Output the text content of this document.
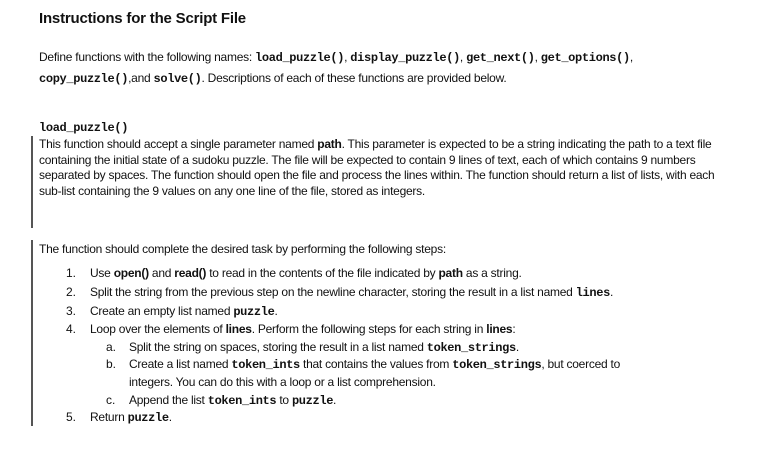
Instructions for the Script File
Define functions with the following names: load_puzzle(), display_puzzle(), get_next(), get_options(),
copy_puzzle(),and solve(). Descriptions of each of these functions are provided below.
load_puzzle()
This function should accept a single parameter named path. This parameter is expected to be a string indicating the path to a text file containing the initial state of a sudoku puzzle. The file will be expected to contain 9 lines of text, each of which contains 9 numbers separated by spaces. The function should open the file and process the lines within. The function should return a list of lists, with each sub-list containing the 9 values on any one line of the file, stored as integers.
The function should complete the desired task by performing the following steps:
1. Use open() and read() to read in the contents of the file indicated by path as a string.
2. Split the string from the previous step on the newline character, storing the result in a list named lines.
3. Create an empty list named puzzle.
4. Loop over the elements of lines. Perform the following steps for each string in lines:
a. Split the string on spaces, storing the result in a list named token_strings.
b. Create a list named token_ints that contains the values from token_strings, but coerced to
integers. You can do this with a loop or a list comprehension.
c. Append the list token_ints to puzzle.
5. Return puzzle.
